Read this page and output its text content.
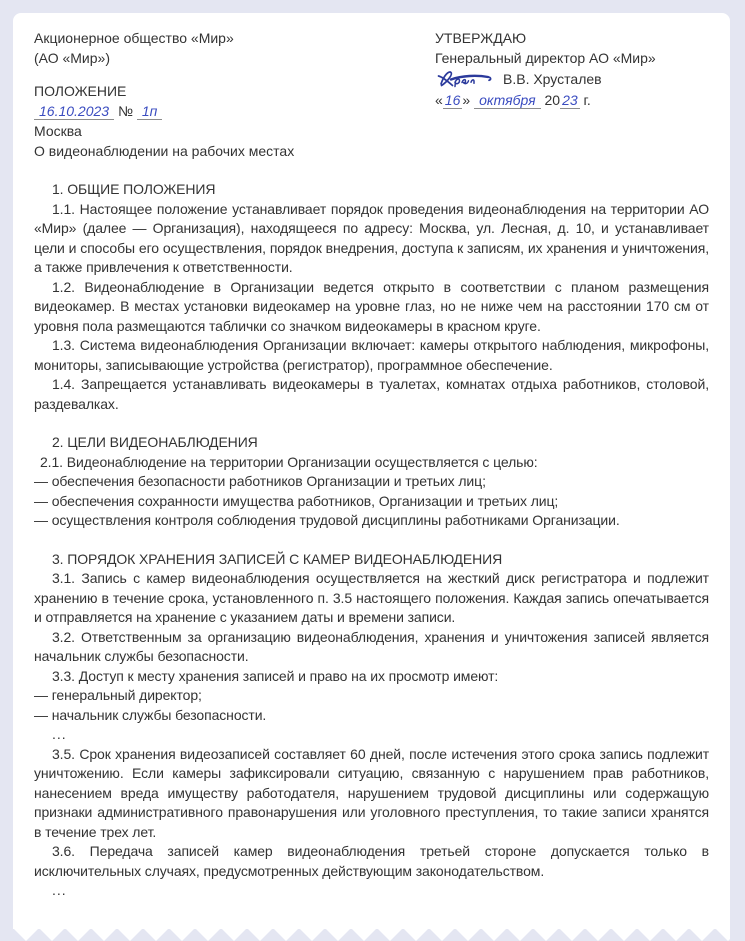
Акционерное общество «Мир»
(АО «Мир»)
ПОЛОЖЕНИЕ
16.10.2023 № 1п
Москва
О видеонаблюдении на рабочих местах
УТВЕРЖДАЮ
Генеральный директор АО «Мир»
В.В. Хрусталев
« 16 » октября 20 23 г.
1. ОБЩИЕ ПОЛОЖЕНИЯ

1.1. Настоящее положение устанавливает порядок проведения видеонаблюдения на территории АО «Мир» (далее — Организация), находящееся по адресу: Москва, ул. Лесная, д. 10, и устанавливает цели и способы его осуществления, порядок внедрения, доступа к записям, их хранения и уничтожения, а также привлечения к ответственности.

1.2. Видеонаблюдение в Организации ведется открыто в соответствии с планом размещения видеокамер. В местах установки видеокамер на уровне глаз, но не ниже чем на расстоянии 170 см от уровня пола размещаются таблички со значком видеокамеры в красном круге.

1.3. Система видеонаблюдения Организации включает: камеры открытого наблюдения, микрофоны, мониторы, записывающие устройства (регистратор), программное обеспечение.

1.4. Запрещается устанавливать видеокамеры в туалетах, комнатах отдыха работников, столовой, раздевалках.

2. ЦЕЛИ ВИДЕОНАБЛЮДЕНИЯ

2.1. Видеонаблюдение на территории Организации осуществляется с целью:

— обеспечения безопасности работников Организации и третьих лиц;

— обеспечения сохранности имущества работников, Организации и третьих лиц;

— осуществления контроля соблюдения трудовой дисциплины работниками Организации.

3. ПОРЯДОК ХРАНЕНИЯ ЗАПИСЕЙ С КАМЕР ВИДЕОНАБЛЮДЕНИЯ

3.1. Запись с камер видеонаблюдения осуществляется на жесткий диск регистратора и подлежит хранению в течение срока, установленного п. 3.5 настоящего положения. Каждая запись опечатывается и отправляется на хранение с указанием даты и времени записи.

3.2. Ответственным за организацию видеонаблюдения, хранения и уничтожения записей является начальник службы безопасности.

3.3. Доступ к месту хранения записей и право на их просмотр имеют:

— генеральный директор;

— начальник службы безопасности.

...

3.5. Срок хранения видеозаписей составляет 60 дней, после истечения этого срока запись подлежит уничтожению. Если камеры зафиксировали ситуацию, связанную с нарушением прав работников, нанесением вреда имуществу работодателя, нарушением трудовой дисциплины или содержащую признаки административного правонарушения или уголовного преступления, то такие записи хранятся в течение трех лет.

3.6. Передача записей камер видеонаблюдения третьей стороне допускается только в исключительных случаях, предусмотренных действующим законодательством.

...
